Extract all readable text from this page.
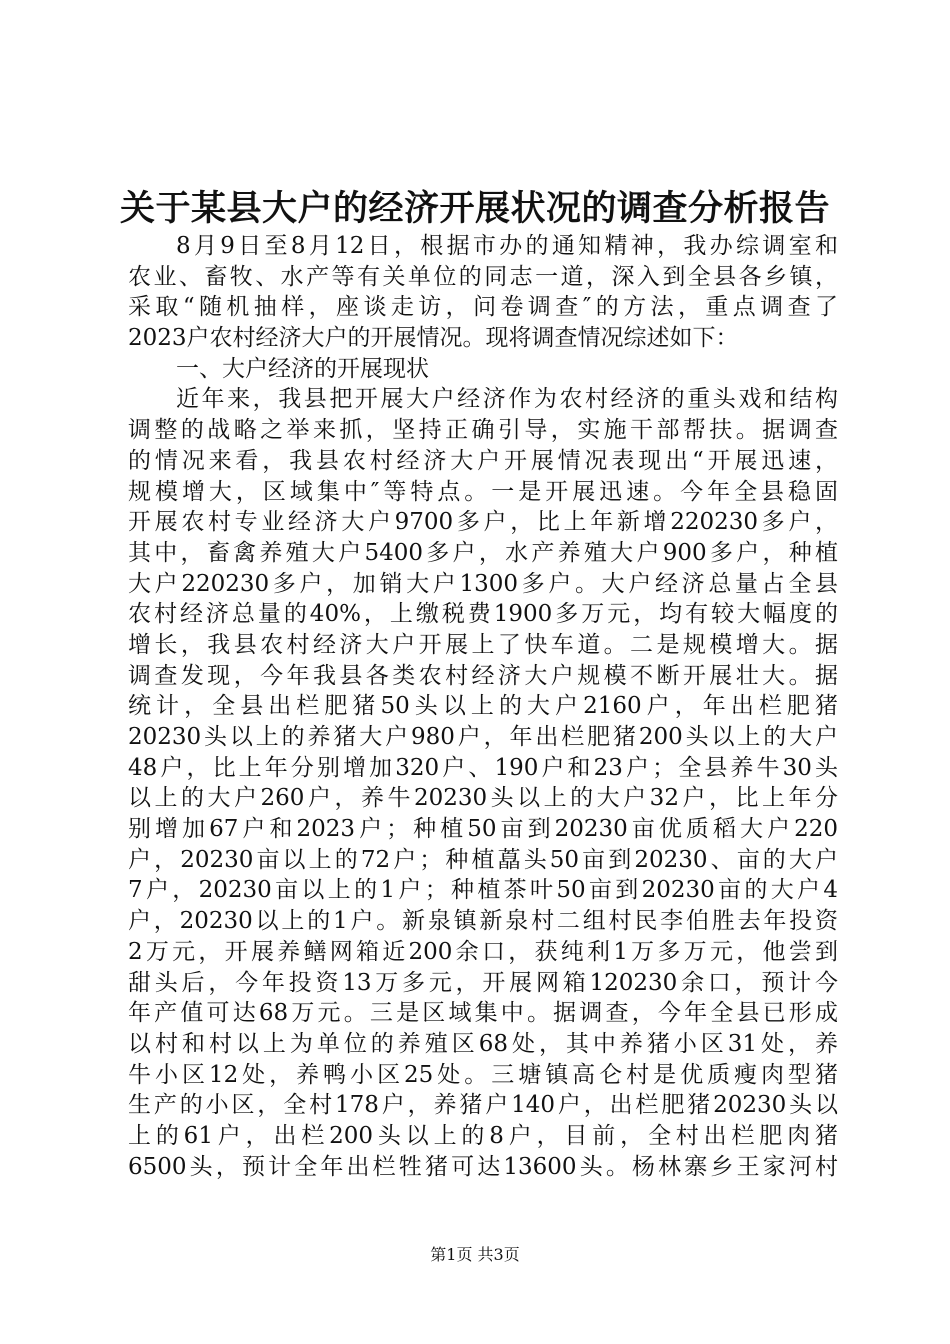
关于某县大户的经济开展状况的调查分析报告
8月9日至8月12日，根据市办的通知精神，我办综调室和
农业、畜牧、水产等有关单位的同志一道，深入到全县各乡镇，
采取“随机抽样，座谈走访，问卷调查″的方法，重点调查了
2023户农村经济大户的开展情况。现将调查情况综述如下：
一、大户经济的开展现状
近年来，我县把开展大户经济作为农村经济的重头戏和结构
调整的战略之举来抓，坚持正确引导，实施干部帮扶。据调查
的情况来看，我县农村经济大户开展情况表现出“开展迅速，
规模增大，区域集中″等特点。一是开展迅速。今年全县稳固
开展农村专业经济大户9700多户，比上年新增220230多户，
其中，畜禽养殖大户5400多户，水产养殖大户900多户，种植
大户220230多户，加销大户1300多户。大户经济总量占全县
农村经济总量的40%，上缴税费1900多万元，均有较大幅度的
增长，我县农村经济大户开展上了快车道。二是规模增大。据
调查发现，今年我县各类农村经济大户规模不断开展壮大。据
统计，全县出栏肥猪50头以上的大户2160户，年出栏肥猪
20230头以上的养猪大户980户，年出栏肥猪200头以上的大户
48户，比上年分别增加320户、190户和23户；全县养牛30头
以上的大户260户，养牛20230头以上的大户32户，比上年分
别增加67户和2023户；种植50亩到20230亩优质稻大户220
户，20230亩以上的72户；种植藠头50亩到20230、亩的大户
7户，20230亩以上的1户；种植茶叶50亩到20230亩的大户4
户，20230以上的1户。新泉镇新泉村二组村民李伯胜去年投资
2万元，开展养鳝网箱近200余口，获纯利1万多万元，他尝到
甜头后，今年投资13万多元，开展网箱120230余口，预计今
年产值可达68万元。三是区域集中。据调查，今年全县已形成
以村和村以上为单位的养殖区68处，其中养猪小区31处，养
牛小区12处，养鸭小区25处。三塘镇高仑村是优质瘦肉型猪
生产的小区，全村178户，养猪户140户，出栏肥猪20230头以
上的61户，出栏200头以上的8户，目前，全村出栏肥肉猪
6500头，预计全年出栏牲猪可达13600头。杨林寨乡王家河村
第1页 共3页
